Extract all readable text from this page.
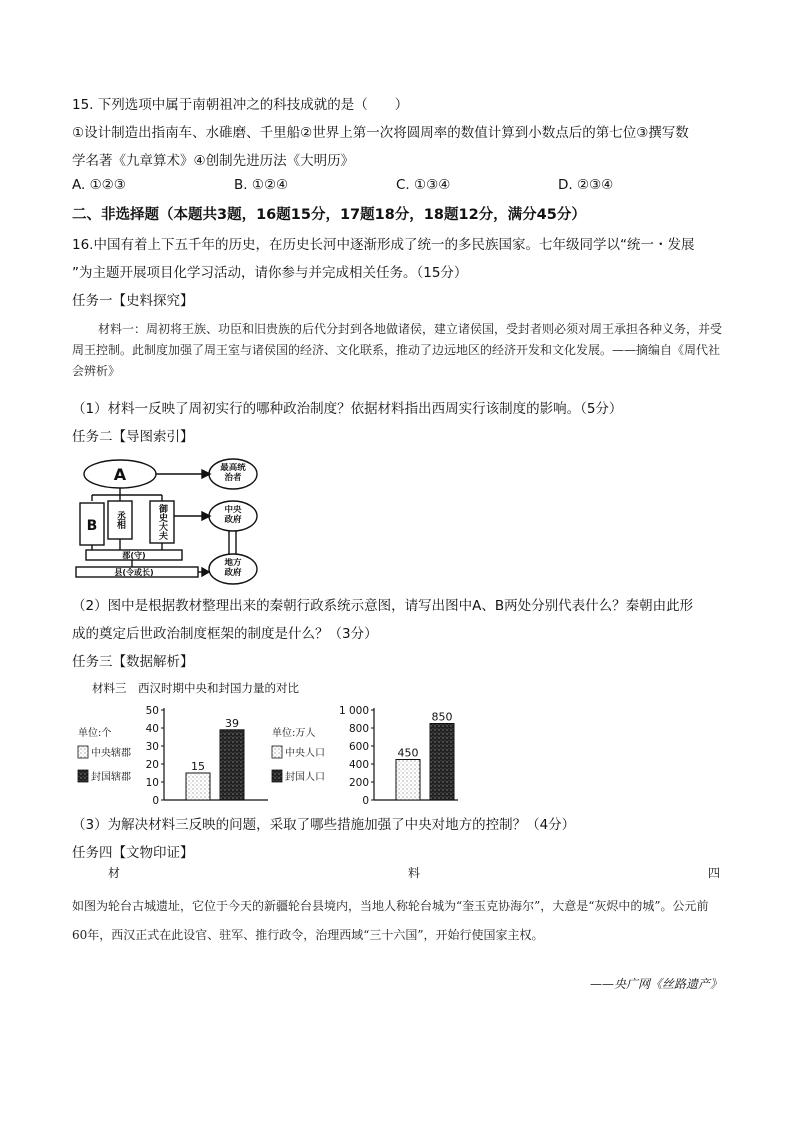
15. 下列选项中属于南朝祖冲之的科技成就的是（　　）
①设计制造出指南车、水碓磨、千里船②世界上第一次将圆周率的数值计算到小数点后的第七位③撰写数
学名著《九章算术》④创制先进历法《大明历》
A. ①②③	B. ①②④	C. ①③④	D. ②③④
二、非选择题（本题共3题，16题15分，17题18分，18题12分，满分45分）
16.中国有着上下五千年的历史，在历史长河中逐渐形成了统一的多民族国家。七年级同学以“统一・发展
”为主题开展项目化学习活动，请你参与并完成相关任务。（15分）
任务一【史料探究】
材料一：周初将王族、功臣和旧贵族的后代分封到各地做诸侯，建立诸侯国，受封者则必须对周王承担各种义务，并受周王控制。此制度加强了周王室与诸侯国的经济、文化联系，推动了边远地区的经济开发和文化发展。——摘编自《周代社会辨析》
（1）材料一反映了周初实行的哪种政治制度？依据材料指出西周实行该制度的影响。（5分）
任务二【导图索引】
A
B 丞相	御史大夫
郡(守)
县(令或长)
最高统治者
中央政府
地方政府
（2）图中是根据教材整理出来的秦朝行政系统示意图，请写出图中A、B两处分别代表什么？秦朝由此形
成的奠定后世政治制度框架的制度是什么？（3分）
任务三【数据解析】
材料三　西汉时期中央和封国力量的对比
0
10
20
30
40
50
单位:个
中央辖郡
封国辖郡
15
39
0
200
400
600
800
1 000
单位:万人
中央人口
封国人口
450
850
（3）为解决材料三反映的问题，采取了哪些措施加强了中央对地方的控制？（4分）
任务四【文物印证】
材	料	四
如图为轮台古城遗址，它位于今天的新疆轮台县境内，当地人称轮台城为“奎玉克协海尔”，大意是“灰烬中的城”。公元前60年，西汉正式在此设官、驻军、推行政令，治理西域“三十六国”，开始行使国家主权。
——央广网《丝路遗产》
